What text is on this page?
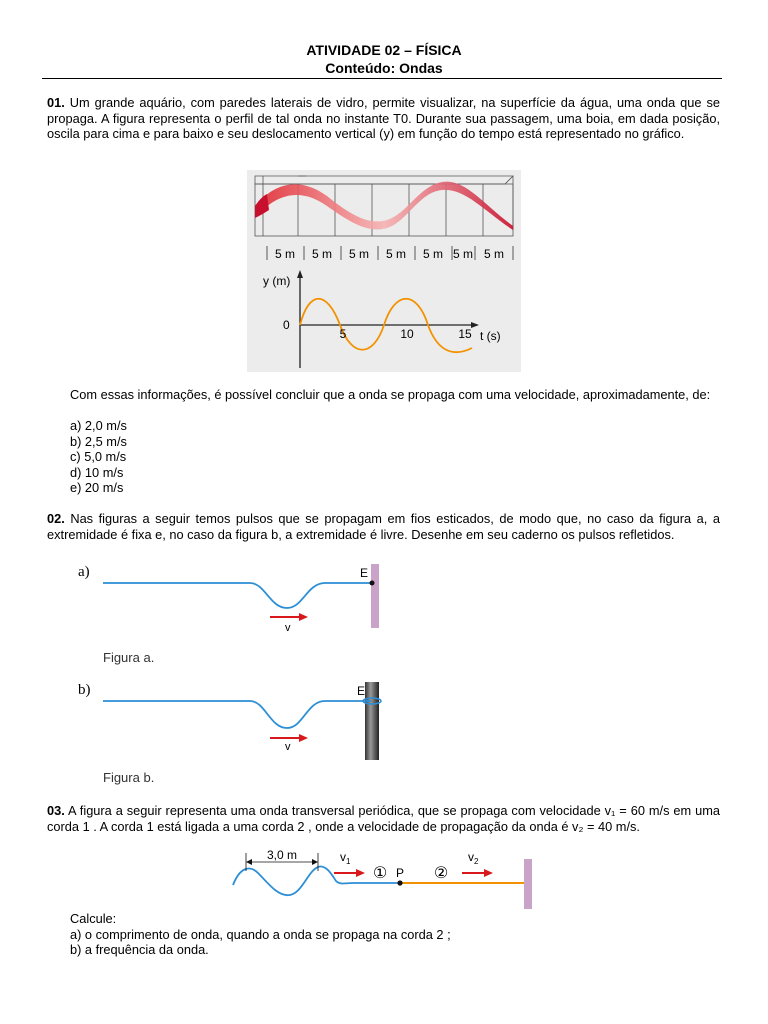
ATIVIDADE 02 – FÍSICA
Conteúdo: Ondas

01. Um grande aquário, com paredes laterais de vidro, permite visualizar, na superfície da água, uma onda que se propaga. A figura representa o perfil de tal onda no instante T0. Durante sua passagem, uma boia, em dada posição, oscila para cima e para baixo e seu deslocamento vertical (y) em função do tempo está representado no gráfico.

5 m 5 m 5 m 5 m 5 m 5 m 5 m
y (m)
0
5	10	15 t (s)
Com essas informações, é possível concluir que a onda se propaga com uma velocidade, aproximadamente, de:
a) 2,0 m/s
b) 2,5 m/s
c) 5,0 m/s
d) 10 m/s
e) 20 m/s

02. Nas figuras a seguir temos pulsos que se propagam em fios esticados, de modo que, no caso da figura a, a extremidade é fixa e, no caso da figura b, a extremidade é livre. Desenhe em seu caderno os pulsos refletidos.

a)	E
v
Figura a.
b)	E
v
Figura b.

03. A figura a seguir representa uma onda transversal periódica, que se propaga com velocidade v₁ = 60 m/s em uma corda 1 . A corda 1 está ligada a uma corda 2 , onde a velocidade de propagação da onda é v₂ = 40 m/s.

P
3,0 m	$v_1$
①	②
$v_2$
Calcule:
a) o comprimento de onda, quando a onda se propaga na corda 2 ;
b) a frequência da onda.
